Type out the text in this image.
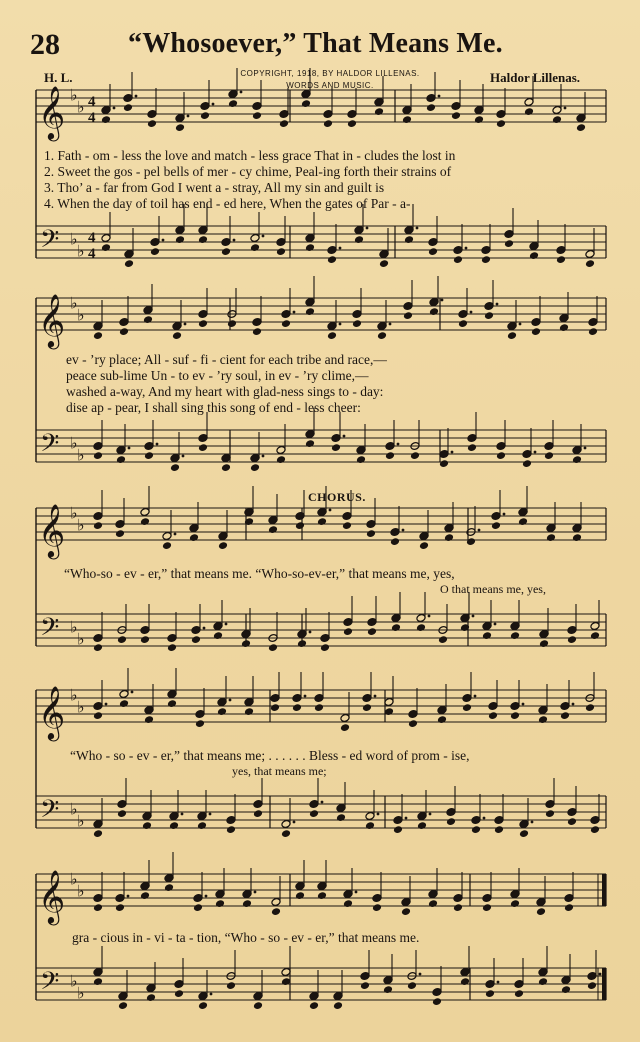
28 “Whosoever,” That Means Me.
COPYRIGHT, 1918, BY HALDOR LILLENAS.
WORDS AND MUSIC.
H. L.	Haldor Lillenas.
𝄞
𝄢
♭
♭
♭
♭
4
4
4
4
𝄞
𝄢
♭
♭
♭
♭
𝄞
𝄢
♭
♭
♭
♭
𝄞
𝄢
♭
♭
♭
♭
𝄞
𝄢
♭
♭
♭
♭
1. Fath - om - less the love and match - less grace That in - cludes the lost in
2. Sweet the gos - pel bells of mer - cy chime, Peal-ing forth their strains of
3. Tho’ a - far from God I went a - stray, All my sin and guilt is
4. When the day of toil has end - ed here, When the gates of Par - a-
ev - ’ry place; All - suf - fi - cient for each tribe and race,—
peace sub-lime Un - to ev - ’ry soul, in ev - ’ry clime,—
washed a-way, And my heart with glad-ness sings to - day:
dise ap - pear, I shall sing this song of end - less cheer:
CHORUS.
“Who-so - ev - er,” that means me. “Who-so-ev-er,” that means me, yes,
O that means me, yes,
“Who - so - ev - er,” that means me; . . . . . . Bless - ed word of prom - ise,
yes, that means me;
gra - cious in - vi - ta - tion, “Who - so - ev - er,” that means me.
